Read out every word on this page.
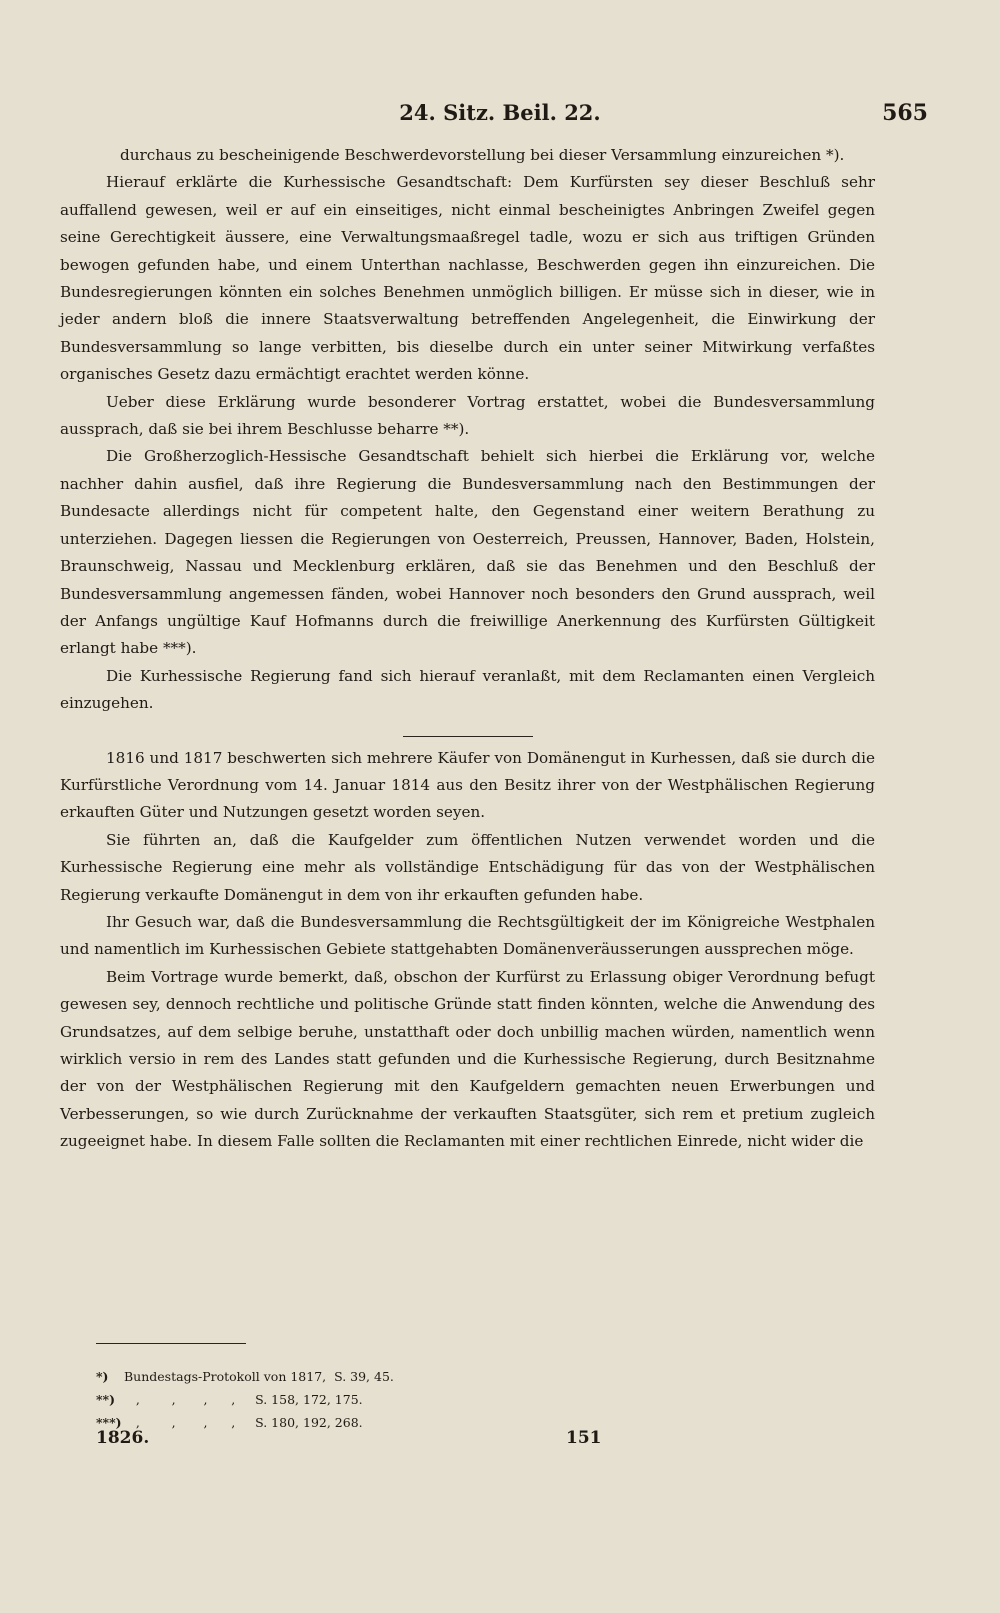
24. Sitz. Beil. 22.	565

durchaus zu bescheinigende Beschwerdevorstellung bei dieser Versammlung einzureichen *).

Hierauf erklärte die Kurhessische Gesandtschaft: Dem Kurfürsten sey dieser Beschluß sehr auffallend gewesen, weil er auf ein einseitiges, nicht einmal bescheinigtes Anbringen Zweifel gegen seine Gerechtigkeit äussere, eine Verwaltungsmaaßregel tadle, wozu er sich aus triftigen Gründen bewogen gefunden habe, und einem Unterthan nachlasse, Beschwerden gegen ihn einzureichen. Die Bundesregierungen könnten ein solches Benehmen unmöglich billigen. Er müsse sich in dieser, wie in jeder andern bloß die innere Staatsverwaltung betreffenden Angelegenheit, die Einwirkung der Bundesversammlung so lange verbitten, bis dieselbe durch ein unter seiner Mitwirkung verfaßtes organisches Gesetz dazu ermächtigt erachtet werden könne.

Ueber diese Erklärung wurde besonderer Vortrag erstattet, wobei die Bundesversammlung aussprach, daß sie bei ihrem Beschlusse beharre **).

Die Großherzoglich-Hessische Gesandtschaft behielt sich hierbei die Erklärung vor, welche nachher dahin ausfiel, daß ihre Regierung die Bundesversammlung nach den Bestimmungen der Bundesacte allerdings nicht für competent halte, den Gegenstand einer weitern Berathung zu unterziehen. Dagegen liessen die Regierungen von Oesterreich, Preussen, Hannover, Baden, Holstein, Braunschweig, Nassau und Mecklenburg erklären, daß sie das Benehmen und den Beschluß der Bundesversammlung angemessen fänden, wobei Hannover noch besonders den Grund aussprach, weil der Anfangs ungültige Kauf Hofmanns durch die freiwillige Anerkennung des Kurfürsten Gültigkeit erlangt habe ***).

Die Kurhessische Regierung fand sich hierauf veranlaßt, mit dem Reclamanten einen Vergleich einzugehen.

1816 und 1817 beschwerten sich mehrere Käufer von Domänengut in Kurhessen, daß sie durch die Kurfürstliche Verordnung vom 14. Januar 1814 aus den Besitz ihrer von der Westphälischen Regierung erkauften Güter und Nutzungen gesetzt worden seyen.

Sie führten an, daß die Kaufgelder zum öffentlichen Nutzen verwendet worden und die Kurhessische Regierung eine mehr als vollständige Entschädigung für das von der Westphälischen Regierung verkaufte Domänengut in dem von ihr erkauften gefunden habe.

Ihr Gesuch war, daß die Bundesversammlung die Rechtsgültigkeit der im Königreiche Westphalen und namentlich im Kurhessischen Gebiete stattgehabten Domänenveräusserungen aussprechen möge.

Beim Vortrage wurde bemerkt, daß, obschon der Kurfürst zu Erlassung obiger Verordnung befugt gewesen sey, dennoch rechtliche und politische Gründe statt finden könnten, welche die Anwendung des Grundsatzes, auf dem selbige beruhe, unstatthaft oder doch unbillig machen würden, namentlich wenn wirklich versio in rem des Landes statt gefunden und die Kurhessische Regierung, durch Besitznahme der von der Westphälischen Regierung mit den Kaufgeldern gemachten neuen Erwerbungen und Verbesserungen, so wie durch Zurücknahme der verkauften Staatsgüter, sich rem et pretium zugleich zugeeignet habe. In diesem Falle sollten die Reclamanten mit einer rechtlichen Einrede, nicht wider die

*)	Bundestags-Protokoll von 1817,  S. 39, 45.
**) ,        ,       ,      ,     S. 158, 172, 175.
***) ,        ,       ,      ,     S. 180, 192, 268.
1826.	151
